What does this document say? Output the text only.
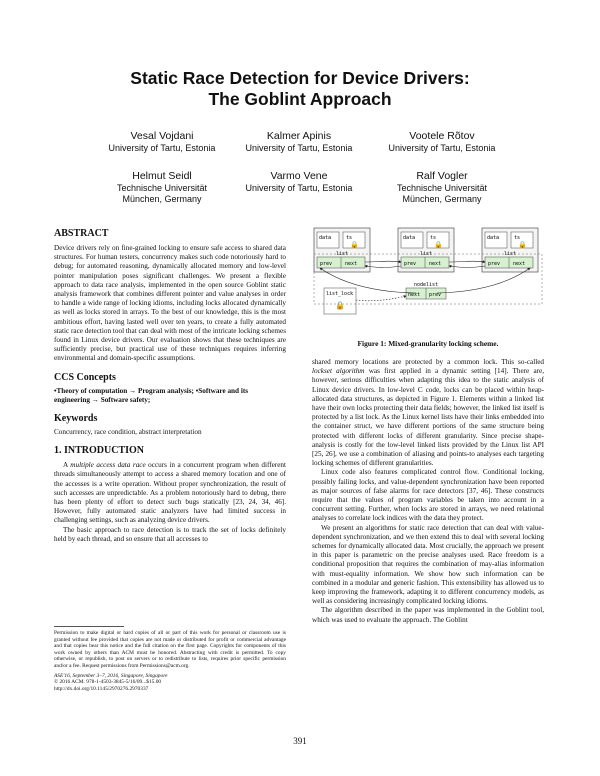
Static Race Detection for Device Drivers:
The Goblint Approach
Vesal Vojdani
University of Tartu, Estonia
Kalmer Apinis
University of Tartu, Estonia
Vootele Rõtov
University of Tartu, Estonia
Helmut Seidl
Technische Universität
München, Germany
Varmo Vene
University of Tartu, Estonia
Ralf Vogler
Technische Universität
München, Germany

ABSTRACT

Device drivers rely on fine-grained locking to ensure safe access to shared data structures. For human testers, concurrency makes such code notoriously hard to debug; for automated reasoning, dynamically allocated memory and low-level pointer manipulation poses significant challenges. We present a flexible approach to data race analysis, implemented in the open source Goblint static analysis framework that combines different pointer and value analyses in order to handle a wide range of locking idioms, including locks allocated dynamically as well as locks stored in arrays. To the best of our knowledge, this is the most ambitious effort, having lasted well over ten years, to create a fully automated static race detection tool that can deal with most of the intricate locking schemes found in Linux device drivers. Our evaluation shows that these techniques are sufficiently precise, but practical use of these techniques requires inferring environmental and domain-specific assumptions.

CCS Concepts

•Theory of computation → Program analysis; •Software and its
engineering → Software safety;

Keywords

Concurrency, race condition, abstract interpretation

1. INTRODUCTION

A multiple access data race occurs in a concurrent program when different threads simultaneously attempt to access a shared memory location and one of the accesses is a write operation. Without proper synchronization, the result of such accesses are unpredictable. As a problem notoriously hard to debug, there has been plenty of effort to detect such bugs statically [23, 24, 34, 46]. However, fully automated static analyzers have had limited success in challenging settings, such as analyzing device drivers.

The basic approach to race detection is to track the set of locks definitely held by each thread, and so ensure that all accesses to

Permission to make digital or hard copies of all or part of this work for personal or classroom use is granted without fee provided that copies are not made or distributed for profit or commercial advantage and that copies bear this notice and the full citation on the first page. Copyrights for components of this work owned by others than ACM must be honored. Abstracting with credit is permitted. To copy otherwise, or republish, to post on servers or to redistribute to lists, requires prior specific permission and/or a fee. Request permissions from Permissions@acm.org.
ASE'16, September 3–7, 2016, Singapore, Singapore
© 2016 ACM. 978-1-4503-3845-5/16/09...$15.00
http://dx.doi.org/10.1145/2970276.2970337
data	ts
🔒
list
prev	next
data	ts
🔒
list
prev	next
data	ts
🔒
list
prev	next
list_lock
🔒
nodelist
next prev
Figure 1: Mixed-granularity locking scheme.

shared memory locations are protected by a common lock. This so-called lockset algorithm was first applied in a dynamic setting [14]. There are, however, serious difficulties when adapting this idea to the static analysis of Linux device drivers. In low-level C code, locks can be placed within heap-allocated data structures, as depicted in Figure 1. Elements within a linked list have their own locks protecting their data fields; however, the linked list itself is protected by a list lock. As the Linux kernel lists have their links embedded into the container struct, we have different portions of the same structure being protected with different locks of different granularity. Since precise shape-analysis is costly for the low-level linked lists provided by the Linux list API [25, 26], we use a combination of aliasing and points-to analyses each targeting locking schemes of different granularities.

Linux code also features complicated control flow. Conditional locking, possibly failing locks, and value-dependent synchronization have been reported as major sources of false alarms for race detectors [37, 46]. These constructs require that the values of program variables be taken into account in a concurrent setting. Further, when locks are stored in arrays, we need relational analyses to correlate lock indices with the data they protect.

We present an algorithms for static race detection that can deal with value-dependent synchronization, and we then extend this to deal with several locking schemes for dynamically allocated data. Most crucially, the approach we present in this paper is parametric on the precise analyses used. Race freedom is a conditional proposition that requires the combination of may-alias information with must-equality information. We show how such information can be combined in a modular and generic fashion. This extensibility has allowed us to keep improving the framework, adapting it to different concurrency models, as well as considering increasingly complicated locking idioms.

The algorithm described in the paper was implemented in the Goblint tool, which was used to evaluate the approach. The Goblint

391
